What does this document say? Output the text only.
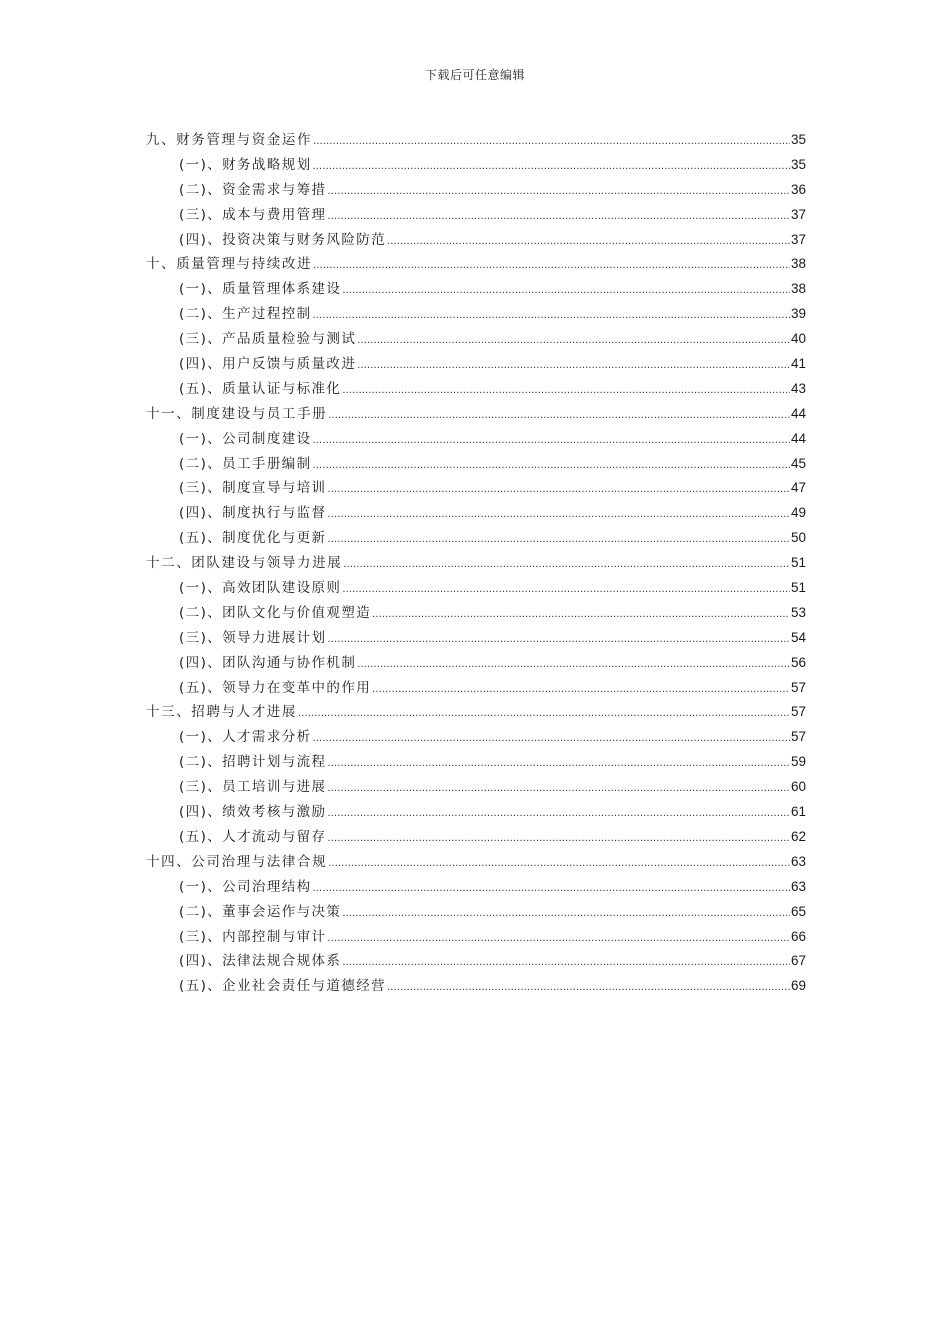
下载后可任意编辑
九、财务管理与资金运作 .....	35
(一)、财务战略规划 .....	35
(二)、资金需求与筹措 .....	36
(三)、成本与费用管理 .....	37
(四)、投资决策与财务风险防范 .....	37
十、质量管理与持续改进 .....	38
(一)、质量管理体系建设 .....	38
(二)、生产过程控制 .....	39
(三)、产品质量检验与测试 .....	40
(四)、用户反馈与质量改进 .....	41
(五)、质量认证与标准化 .....	43
十一、制度建设与员工手册 .....	44
(一)、公司制度建设 .....	44
(二)、员工手册编制 .....	45
(三)、制度宣导与培训 .....	47
(四)、制度执行与监督 .....	49
(五)、制度优化与更新 .....	50
十二、团队建设与领导力进展 .....	51
(一)、高效团队建设原则 .....	51
(二)、团队文化与价值观塑造 .....	53
(三)、领导力进展计划 .....	54
(四)、团队沟通与协作机制 .....	56
(五)、领导力在变革中的作用 .....	57
十三、招聘与人才进展 .....	57
(一)、人才需求分析 .....	57
(二)、招聘计划与流程 .....	59
(三)、员工培训与进展 .....	60
(四)、绩效考核与激励 .....	61
(五)、人才流动与留存 .....	62
十四、公司治理与法律合规 .....	63
(一)、公司治理结构 .....	63
(二)、董事会运作与决策 .....	65
(三)、内部控制与审计 .....	66
(四)、法律法规合规体系 .....	67
(五)、企业社会责任与道德经营 .....	69
